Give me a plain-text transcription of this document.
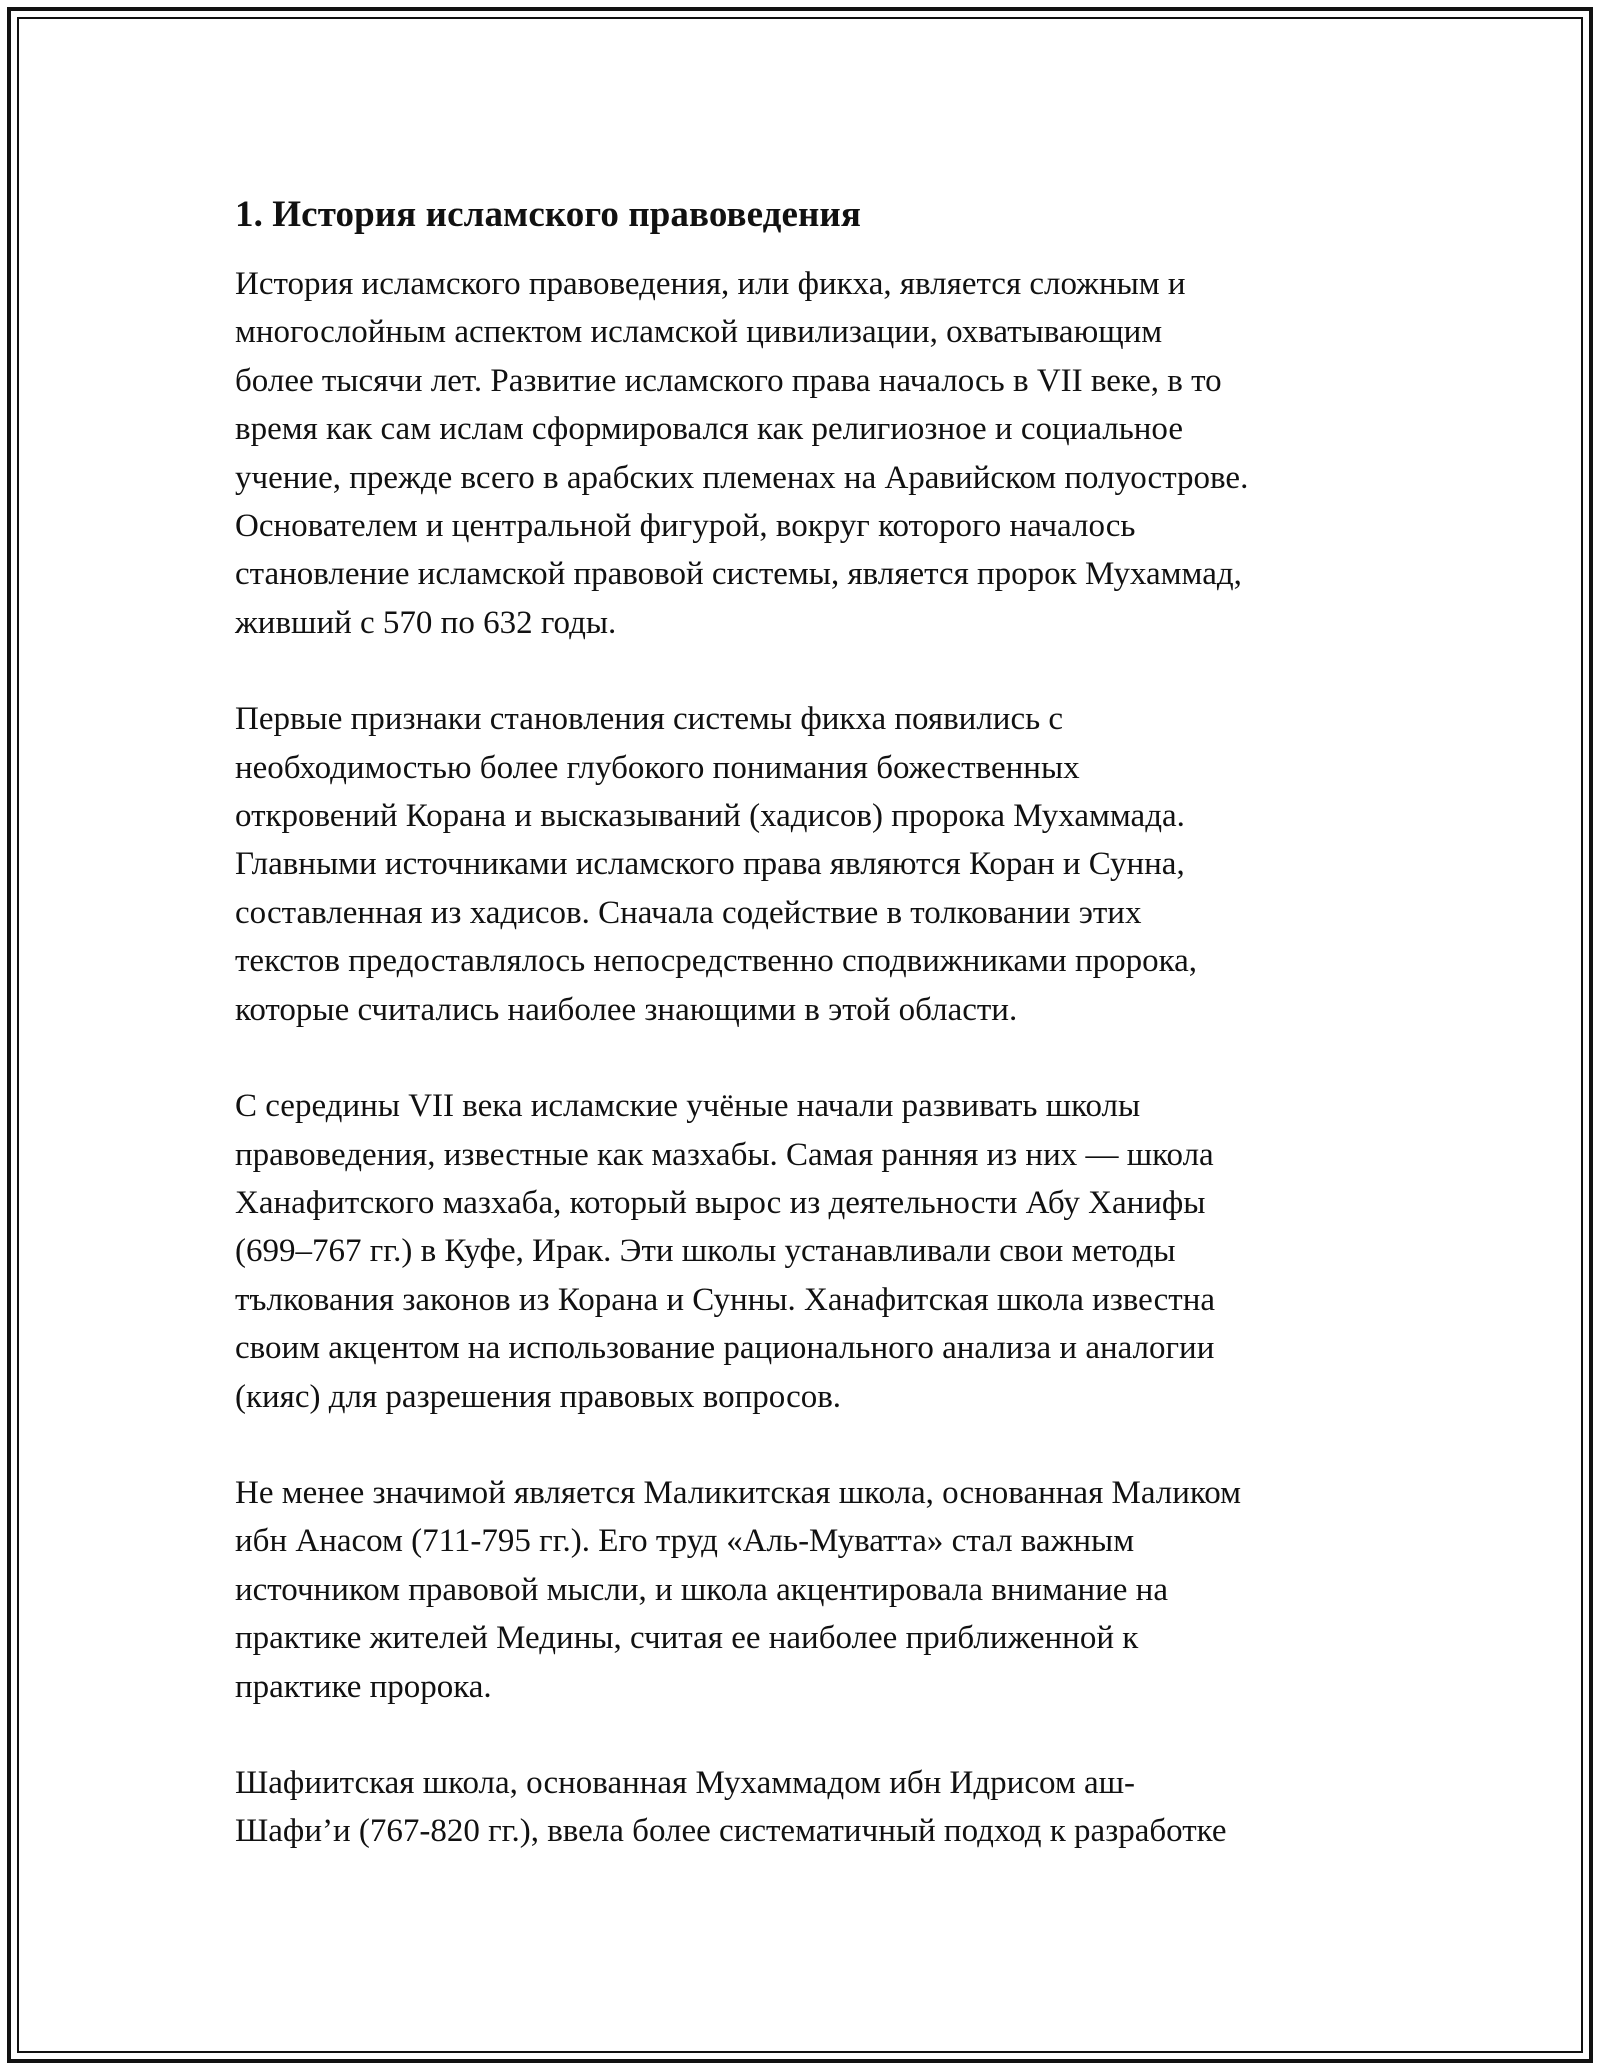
1. История исламского правоведения

История исламского правоведения, или фикха, является сложным и
многослойным аспектом исламской цивилизации, охватывающим
более тысячи лет. Развитие исламского права началось в VII веке, в то
время как сам ислам сформировался как религиозное и социальное
учение, прежде всего в арабских племенах на Аравийском полуострове.
Основателем и центральной фигурой, вокруг которого началось
становление исламской правовой системы, является пророк Мухаммад,
живший с 570 по 632 годы.

Первые признаки становления системы фикха появились с
необходимостью более глубокого понимания божественных
откровений Корана и высказываний (хадисов) пророка Мухаммада.
Главными источниками исламского права являются Коран и Сунна,
составленная из хадисов. Сначала содействие в толковании этих
текстов предоставлялось непосредственно сподвижниками пророка,
которые считались наиболее знающими в этой области.

С середины VII века исламские учёные начали развивать школы
правоведения, известные как мазхабы. Самая ранняя из них — школа
Ханафитского мазхаба, который вырос из деятельности Абу Ханифы
(699–767 гг.) в Куфе, Ирак. Эти школы устанавливали свои методы
тълкования законов из Корана и Сунны. Ханафитская школа известна
своим акцентом на использование рационального анализа и аналогии
(кияс) для разрешения правовых вопросов.

Не менее значимой является Маликитская школа, основанная Маликом
ибн Анасом (711-795 гг.). Его труд «Аль-Муватта» стал важным
источником правовой мысли, и школа акцентировала внимание на
практике жителей Медины, считая ее наиболее приближенной к
практике пророка.

Шафиитская школа, основанная Мухаммадом ибн Идрисом аш-
Шафи’и (767-820 гг.), ввела более систематичный подход к разработке
